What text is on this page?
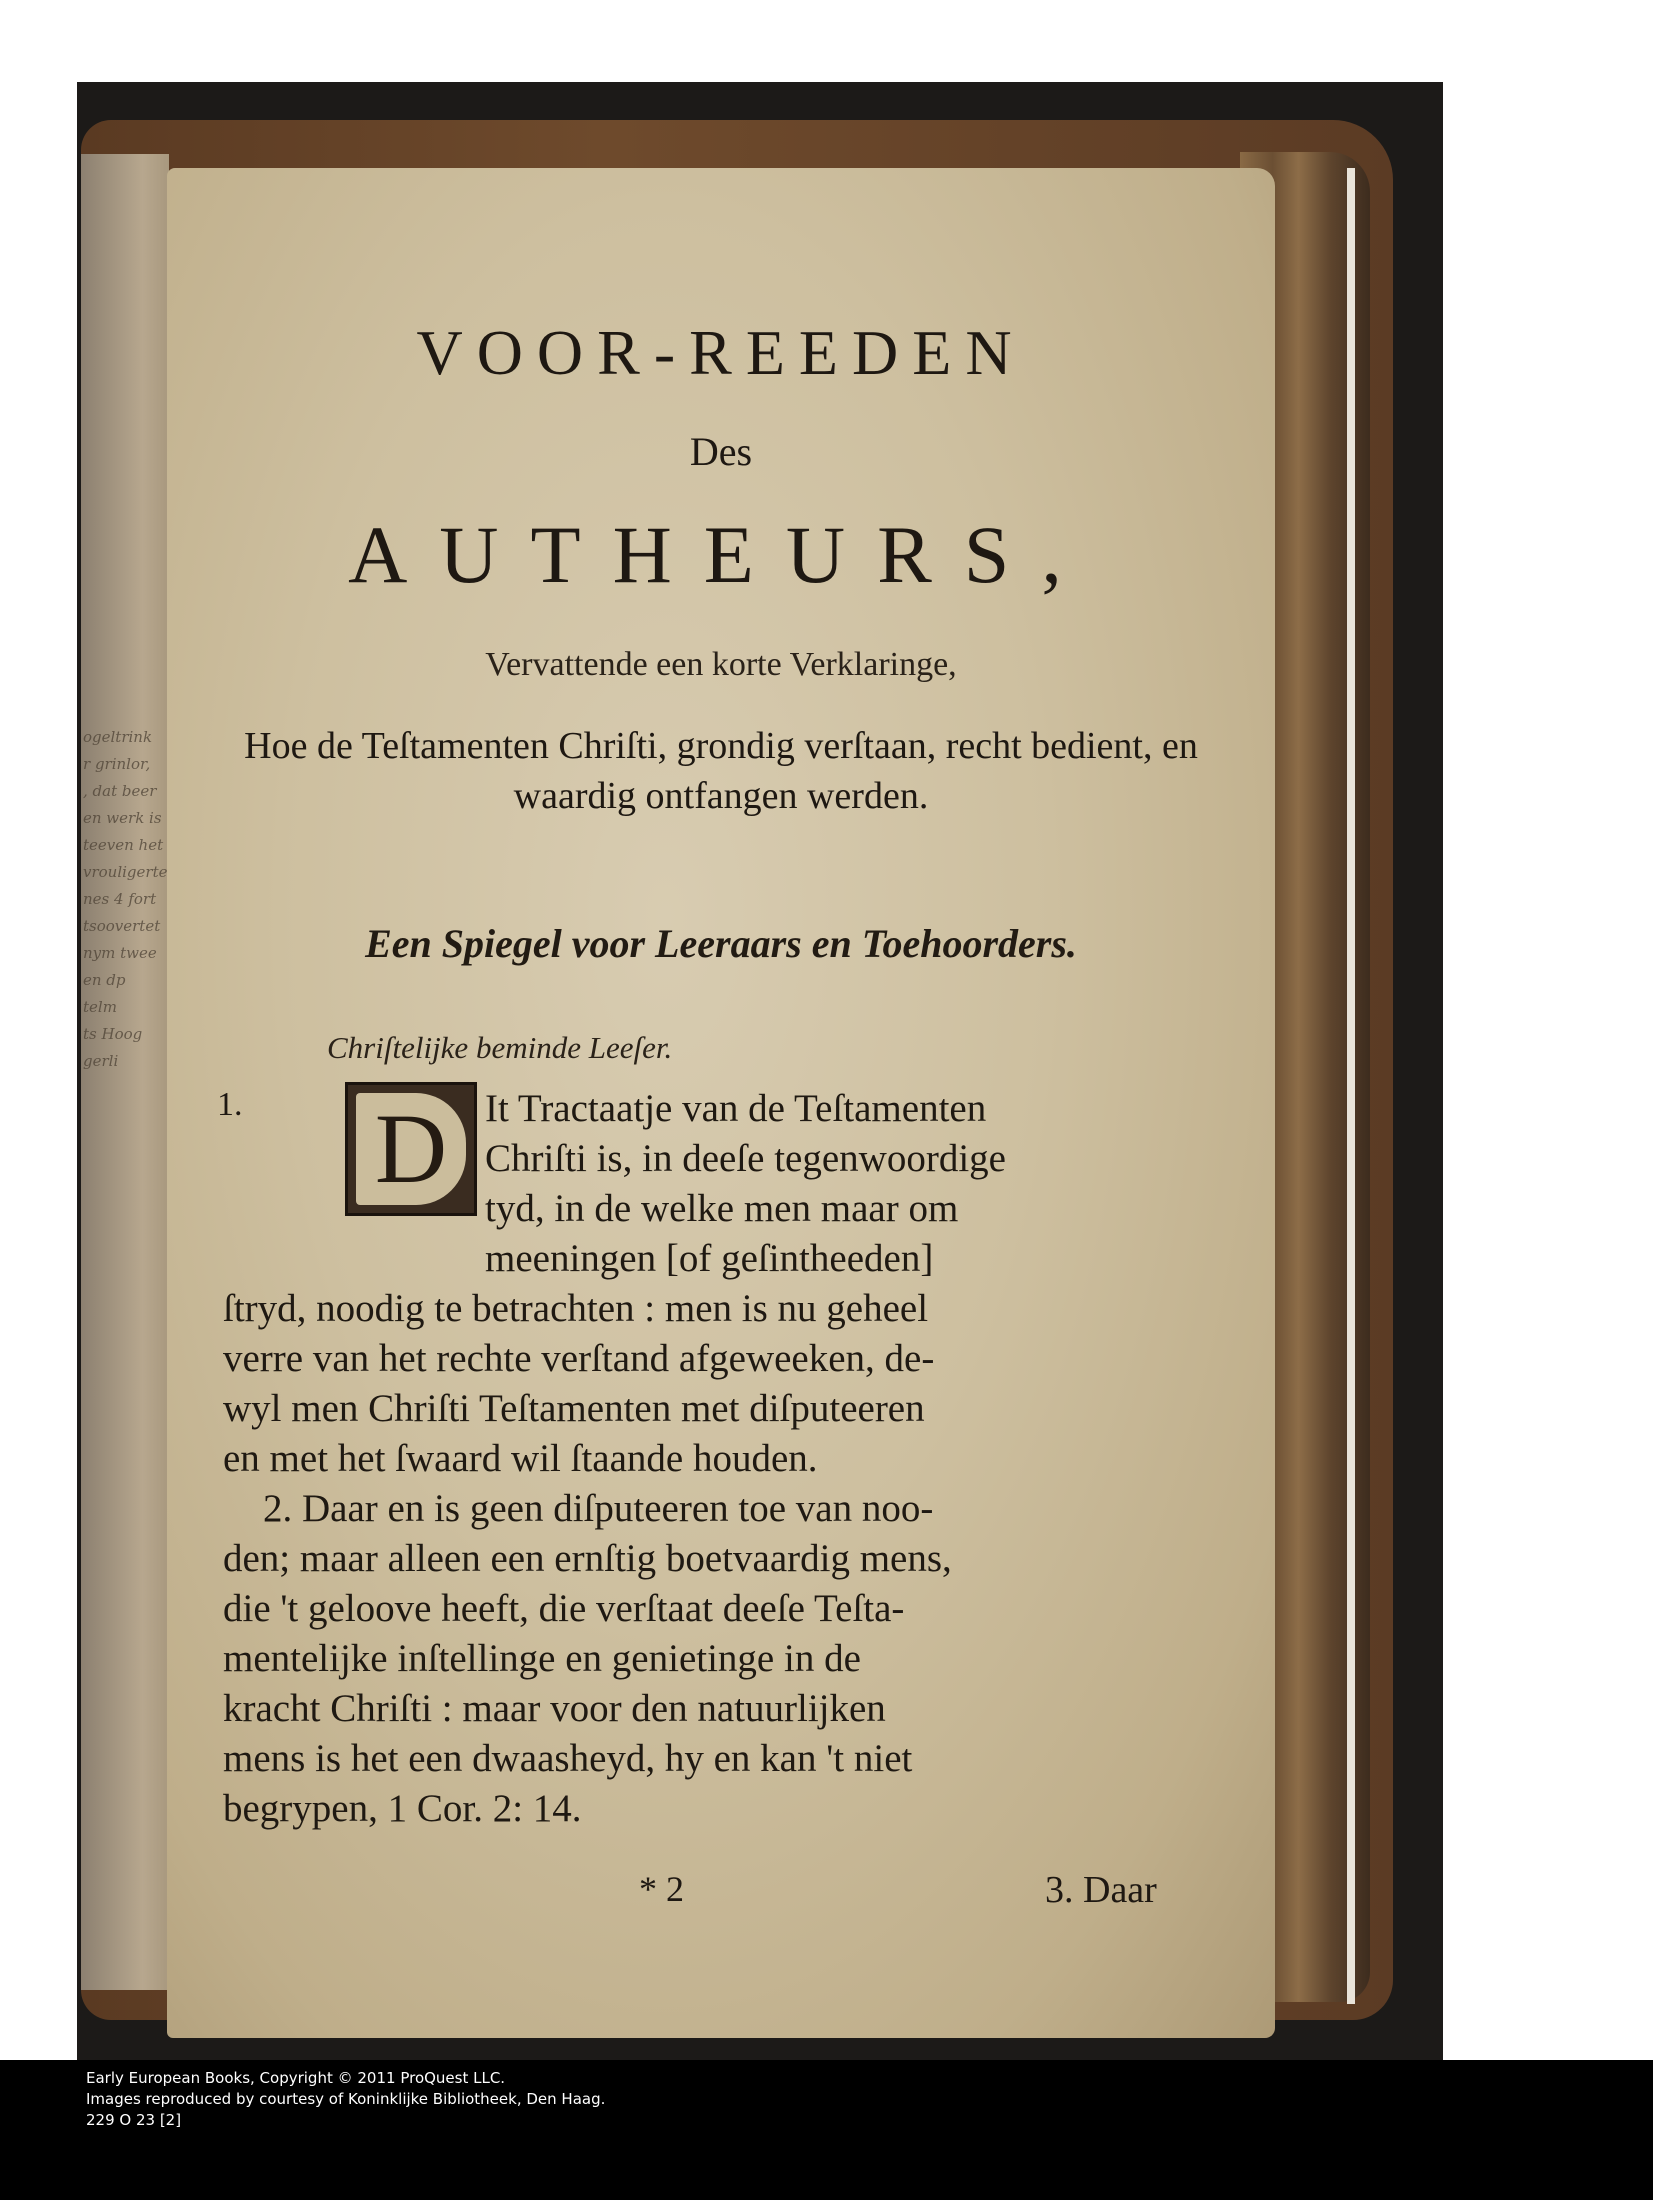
ogeltrink
r grinlor,
, dat beer
en werk is
teeven het
vrouligerte
nes 4 fort
tsoovertet
nym twee
en dp
telm
ts Hoog
gerli
VOOR-REEDEN
Des
AUTHEURS,
Vervattende een korte Verklaringe,
Hoe de Teſtamenten Chriſti, grondig verſtaan, recht bedient, en waardig ontfangen werden.
Een Spiegel voor Leeraars en Toehoorders.
Chriſtelijke beminde Leeſer.
1. D It Tractaatje van de Teſtamenten
Chriſti is, in deeſe tegenwoordige
tyd, in de welke men maar om
meeningen [of geſintheeden]
ſtryd, noodig te betrachten : men is nu geheel
verre van het rechte verſtand afgeweeken, de-
wyl men Chriſti Teſtamenten met diſputeeren
en met het ſwaard wil ſtaande houden.
2. Daar en is geen diſputeeren toe van noo-
den; maar alleen een ernſtig boetvaardig mens,
die 't geloove heeft, die verſtaat deeſe Teſta-
mentelijke inſtellinge en genietinge in de
kracht Chriſti : maar voor den natuurlijken
mens is het een dwaasheyd, hy en kan 't niet
begrypen, 1 Cor. 2: 14.
* 2	3. Daar
Early European Books, Copyright © 2011 ProQuest LLC.
Images reproduced by courtesy of Koninklijke Bibliotheek, Den Haag.
229 O 23 [2]
